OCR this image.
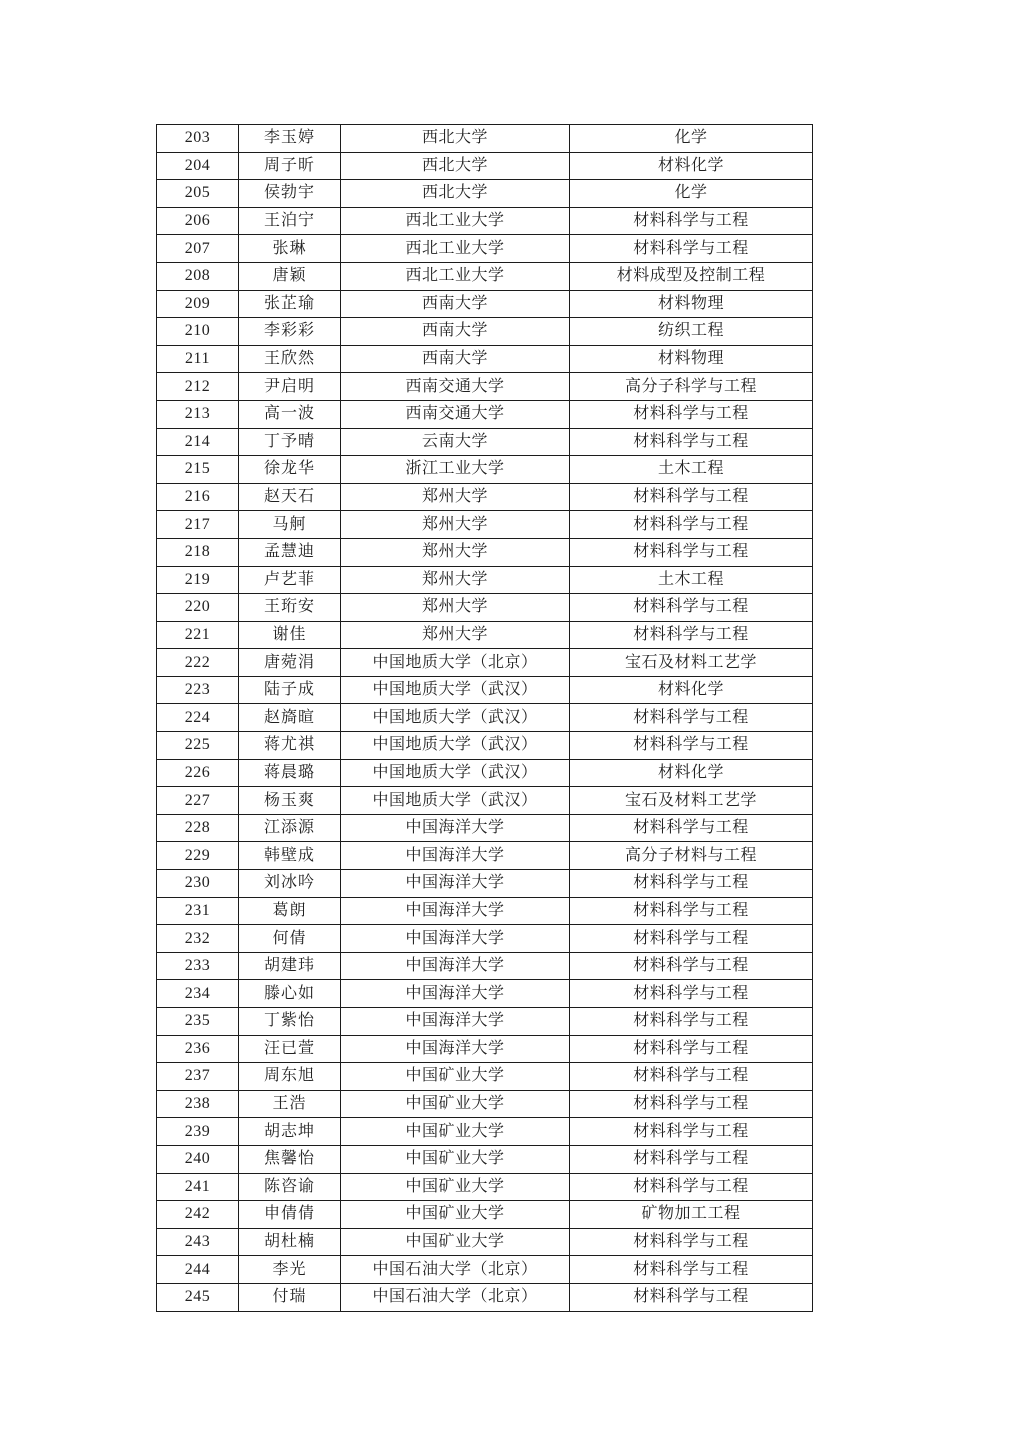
203	李玉婷	西北大学	化学
204	周子昕	西北大学	材料化学
205	侯勃宇	西北大学	化学
206	王泊宁	西北工业大学	材料科学与工程
207	张琳	西北工业大学	材料科学与工程
208	唐颖	西北工业大学	材料成型及控制工程
209	张芷瑜	西南大学	材料物理
210	李彩彩	西南大学	纺织工程
211	王欣然	西南大学	材料物理
212	尹启明	西南交通大学	高分子科学与工程
213	高一波	西南交通大学	材料科学与工程
214	丁予晴	云南大学	材料科学与工程
215	徐龙华	浙江工业大学	土木工程
216	赵天石	郑州大学	材料科学与工程
217	马舸	郑州大学	材料科学与工程
218	孟慧迪	郑州大学	材料科学与工程
219	卢艺菲	郑州大学	土木工程
220	王珩安	郑州大学	材料科学与工程
221	谢佳	郑州大学	材料科学与工程
222	唐菀涓	中国地质大学（北京）	宝石及材料工艺学
223	陆子成	中国地质大学（武汉）	材料化学
224	赵旖暄	中国地质大学（武汉）	材料科学与工程
225	蒋尤祺	中国地质大学（武汉）	材料科学与工程
226	蒋晨璐	中国地质大学（武汉）	材料化学
227	杨玉爽	中国地质大学（武汉）	宝石及材料工艺学
228	江添源	中国海洋大学	材料科学与工程
229	韩壁成	中国海洋大学	高分子材料与工程
230	刘冰吟	中国海洋大学	材料科学与工程
231	葛朗	中国海洋大学	材料科学与工程
232	何倩	中国海洋大学	材料科学与工程
233	胡建玮	中国海洋大学	材料科学与工程
234	滕心如	中国海洋大学	材料科学与工程
235	丁紫怡	中国海洋大学	材料科学与工程
236	汪已萱	中国海洋大学	材料科学与工程
237	周东旭	中国矿业大学	材料科学与工程
238	王浩	中国矿业大学	材料科学与工程
239	胡志坤	中国矿业大学	材料科学与工程
240	焦馨怡	中国矿业大学	材料科学与工程
241	陈咨谕	中国矿业大学	材料科学与工程
242	申倩倩	中国矿业大学	矿物加工工程
243	胡杜楠	中国矿业大学	材料科学与工程
244	李光	中国石油大学（北京）	材料科学与工程
245	付瑞	中国石油大学（北京）	材料科学与工程
